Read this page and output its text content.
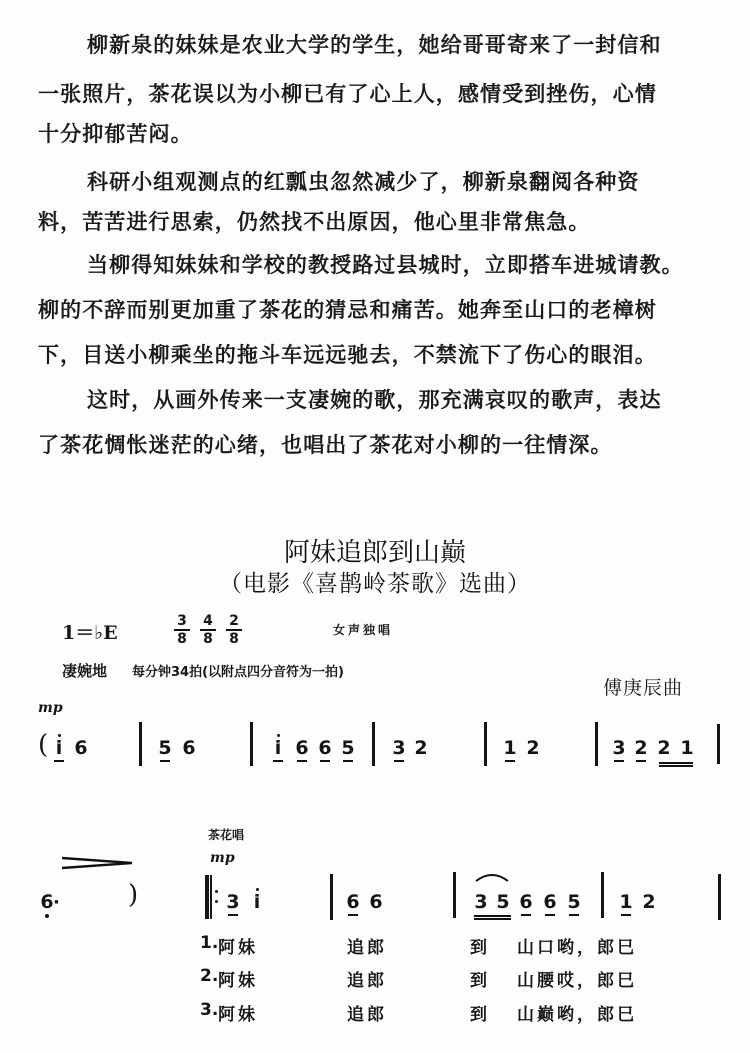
柳新泉的妹妹是农业大学的学生，她给哥哥寄来了一封信和
一张照片，茶花误以为小柳已有了心上人，感情受到挫伤，心情
十分抑郁苦闷。
科研小组观测点的红瓢虫忽然减少了，柳新泉翻阅各种资
料，苦苦进行思索，仍然找不出原因，他心里非常焦急。
当柳得知妹妹和学校的教授路过县城时，立即搭车进城请教。
柳的不辞而别更加重了茶花的猜忌和痛苦。她奔至山口的老樟树
下，目送小柳乘坐的拖斗车远远驰去，不禁流下了伤心的眼泪。
这时，从画外传来一支凄婉的歌，那充满哀叹的歌声，表达
了茶花惆怅迷茫的心绪，也唱出了茶花对小柳的一往情深。
阿妹追郎到山巅
（电影《喜鹊岭茶歌》选曲）
1＝♭E	$\frac{3}{8} \frac{4}{8} \frac{2}{8}$	女声独唱
凄婉地 每分钟34拍(以附点四分音符为一拍)
傅庚辰曲
mp
( i 6	5 6	i 6 6 5 3 2	1 2	3 2 2 1
茶花唱
mp
6 ·	)	3 i	6 6	3 5 6 6 5 1 2
1. 阿妹	追郎	到 山口哟，郎巳
2. 阿妹	追郎	到 山腰哎，郎巳
3. 阿妹	追郎	到 山巅哟，郎巳
